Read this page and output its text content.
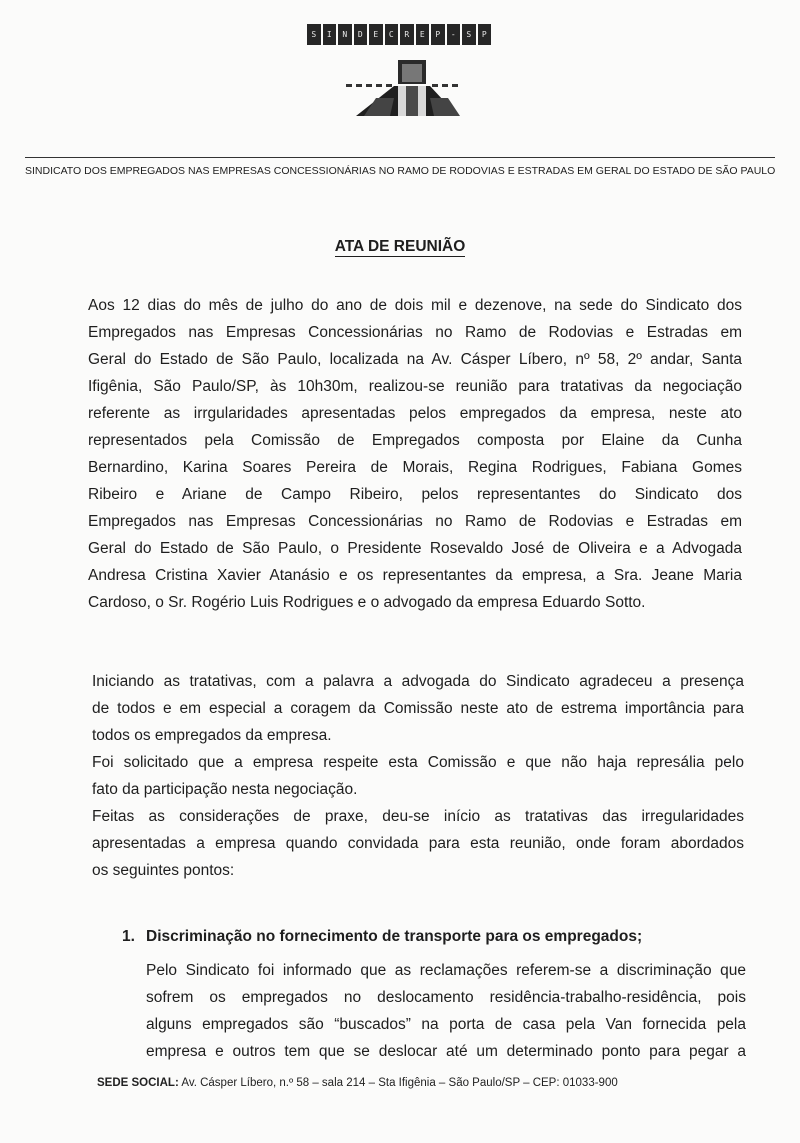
S	I	N	D	E	C	R	E	P	-	S	P
SINDICATO DOS EMPREGADOS NAS EMPRESAS CONCESSIONÁRIAS NO RAMO DE RODOVIAS E ESTRADAS EM GERAL DO ESTADO DE SÃO PAULO
ATA DE REUNIÃO
Aos 12 dias do mês de julho do ano de dois mil e dezenove, na sede do Sindicato dos
Empregados nas Empresas Concessionárias no Ramo de Rodovias e Estradas em
Geral do Estado de São Paulo, localizada na Av. Cásper Líbero, nº 58, 2º andar, Santa
Ifigênia, São Paulo/SP, às 10h30m, realizou-se reunião para tratativas da negociação
referente as irrgularidades apresentadas pelos empregados da empresa, neste ato
representados pela Comissão de Empregados composta por Elaine da Cunha
Bernardino, Karina Soares Pereira de Morais, Regina Rodrigues, Fabiana Gomes
Ribeiro e Ariane de Campo Ribeiro, pelos representantes do Sindicato dos
Empregados nas Empresas Concessionárias no Ramo de Rodovias e Estradas em
Geral do Estado de São Paulo, o Presidente Rosevaldo José de Oliveira e a Advogada
Andresa Cristina Xavier Atanásio e os representantes da empresa, a Sra. Jeane Maria
Cardoso, o Sr. Rogério Luis Rodrigues e o advogado da empresa Eduardo Sotto.
Iniciando as tratativas, com a palavra a advogada do Sindicato agradeceu a presença
de todos e em especial a coragem da Comissão neste ato de estrema importância para
todos os empregados da empresa.
Foi solicitado que a empresa respeite esta Comissão e que não haja represália pelo
fato da participação nesta negociação.
Feitas as considerações de praxe, deu-se início as tratativas das irregularidades
apresentadas a empresa quando convidada para esta reunião, onde foram abordados
os seguintes pontos:
1. Discriminação no fornecimento de transporte para os empregados;
Pelo Sindicato foi informado que as reclamações referem-se a discriminação que
sofrem os empregados no deslocamento residência-trabalho-residência, pois
alguns empregados são “buscados” na porta de casa pela Van fornecida pela
empresa e outros tem que se deslocar até um determinado ponto para pegar a
SEDE SOCIAL: Av. Cásper Líbero, n.º 58 – sala 214 – Sta Ifigênia – São Paulo/SP – CEP: 01033-900
